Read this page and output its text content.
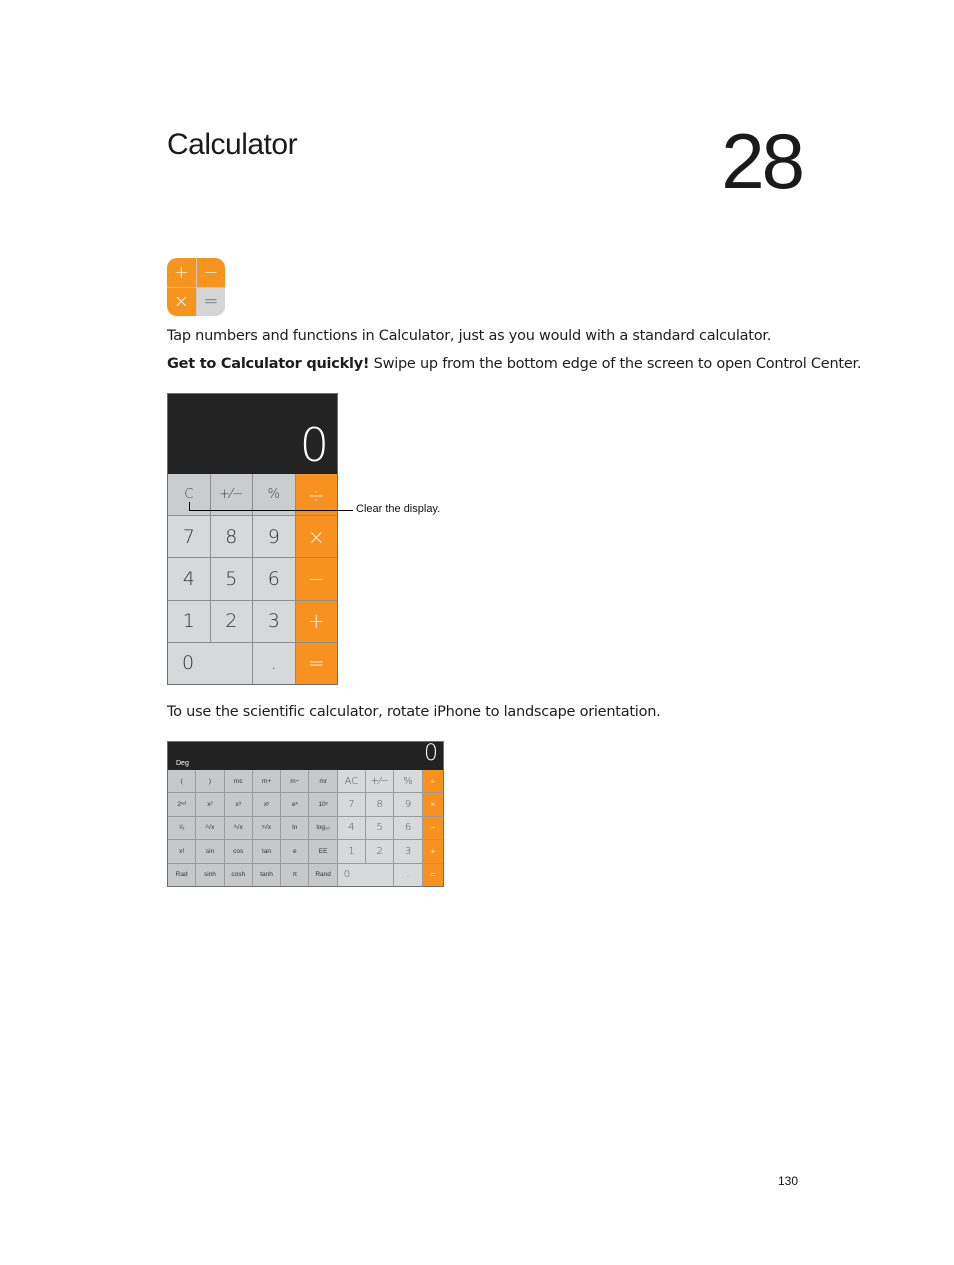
Calculator	28
+ −
× =

Tap numbers and functions in Calculator, just as you would with a standard calculator.

Get to Calculator quickly! Swipe up from the bottom edge of the screen to open Control Center.

0
C	+⁄−	%	÷
7	8	9	×
4	5	6	−
1	2	3	+
0	.	=
Clear the display.

To use the scientific calculator, rotate iPhone to landscape orientation.

Deg	0
(	)	mc	m+	m−	mr	AC	+⁄−	%	÷
2ⁿᵈ	x²	x³	xʸ	eˣ	10ˣ	7	8	9	×
¹⁄ₓ	²√x	³√x	ʸ√x	ln	log₁₀	4	5	6	−
x!	sin	cos	tan	e	EE	1	2	3	+
Rad	sinh	cosh	tanh	π	Rand	0	.	=
130
